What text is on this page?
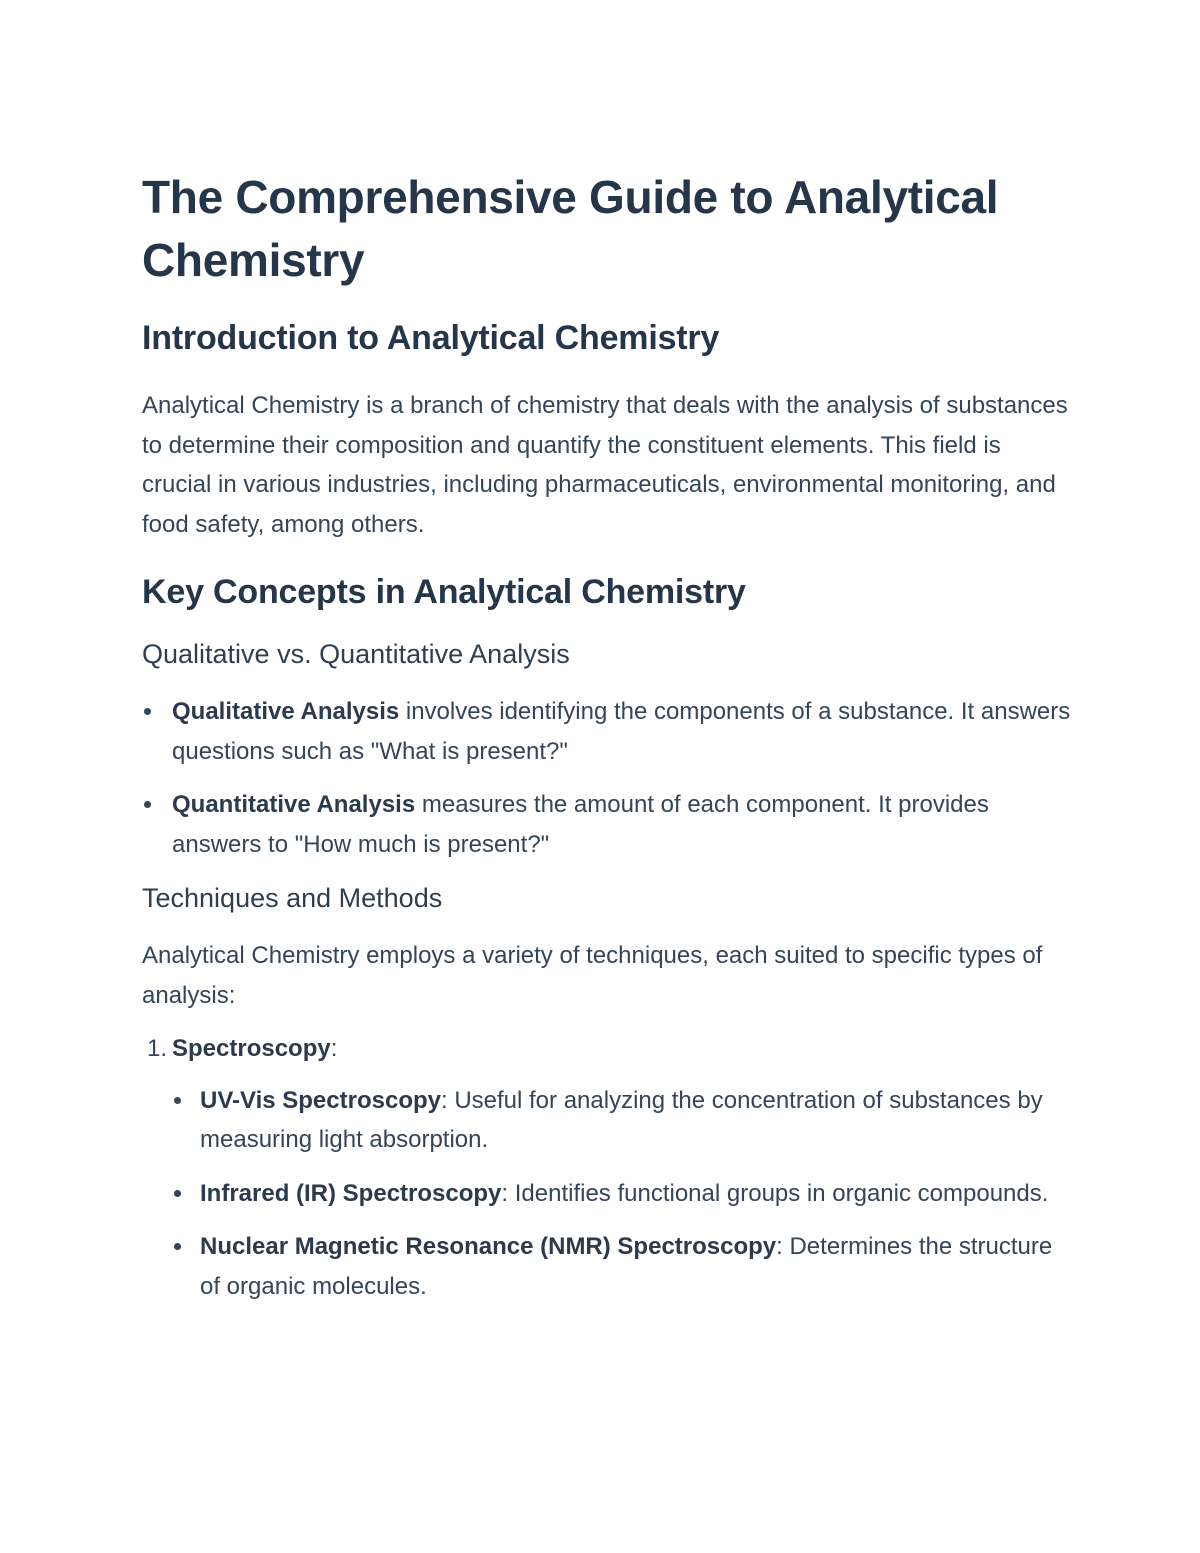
The Comprehensive Guide to Analytical Chemistry
Introduction to Analytical Chemistry

Analytical Chemistry is a branch of chemistry that deals with the analysis of substances to determine their composition and quantify the constituent elements. This field is crucial in various industries, including pharmaceuticals, environmental monitoring, and food safety, among others.

Key Concepts in Analytical Chemistry
Qualitative vs. Quantitative Analysis
Qualitative Analysis involves identifying the components of a substance. It answers questions such as "What is present?"
Quantitative Analysis measures the amount of each component. It provides answers to "How much is present?"
Techniques and Methods

Analytical Chemistry employs a variety of techniques, each suited to specific types of analysis:

1. Spectroscopy:
UV-Vis Spectroscopy: Useful for analyzing the concentration of substances by measuring light absorption.
Infrared (IR) Spectroscopy: Identifies functional groups in organic compounds.
Nuclear Magnetic Resonance (NMR) Spectroscopy: Determines the structure of organic molecules.
